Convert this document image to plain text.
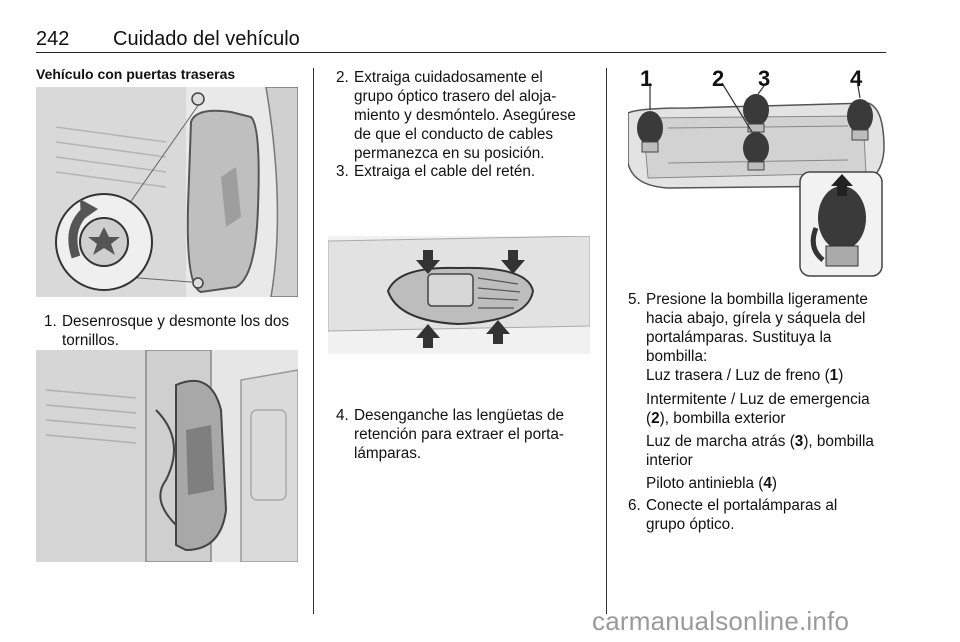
242 Cuidado del vehículo
Vehículo con puertas traseras
1. Desenrosque y desmonte los dos
tornillos.
2. Extraiga cuidadosamente el
grupo óptico trasero del aloja-
miento y desmóntelo. Asegúrese
de que el conducto de cables
permanezca en su posición.
3. Extraiga el cable del retén.
4. Desenganche las lengüetas de
retención para extraer el porta-
lámparas.
1	2 3	4
5. Presione la bombilla ligeramente
hacia abajo, gírela y sáquela del
portalámparas. Sustituya la
bombilla:
Luz trasera / Luz de freno (1)
Intermitente / Luz de emergencia
(2), bombilla exterior
Luz de marcha atrás (3), bombilla
interior
Piloto antiniebla (4)
6. Conecte el portalámparas al
grupo óptico.
carmanualsonline.info
